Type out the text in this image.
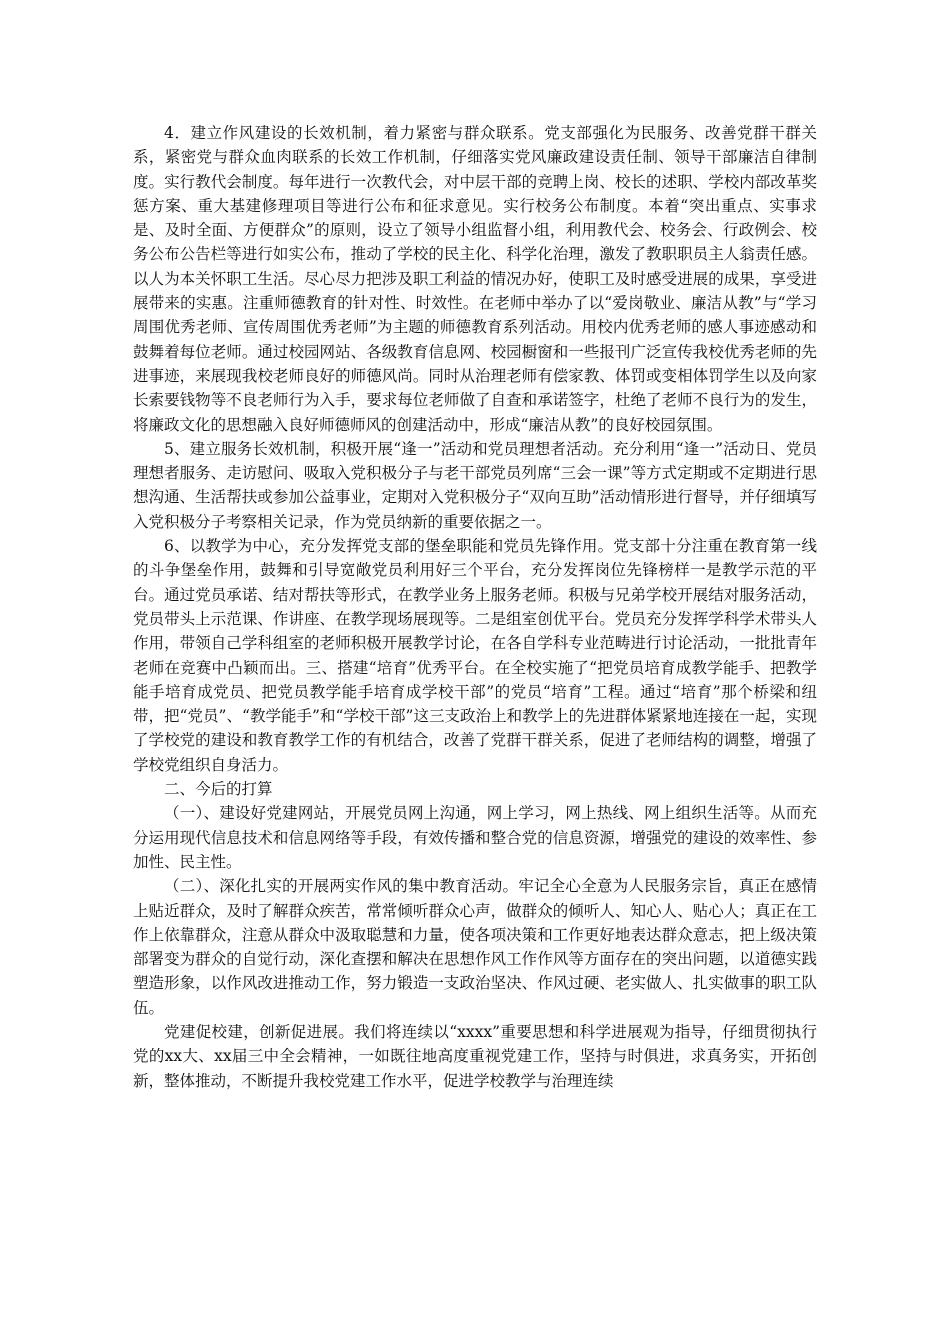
4．建立作风建设的长效机制，着力紧密与群众联系。党支部强化为民服务、改善党群干群关系，紧密党与群众血肉联系的长效工作机制，仔细落实党风廉政建设责任制、领导干部廉洁自律制度。实行教代会制度。每年进行一次教代会，对中层干部的竞聘上岗、校长的述职、学校内部改革奖惩方案、重大基建修理项目等进行公布和征求意见。实行校务公布制度。本着“突出重点、实事求是、及时全面、方便群众”的原则，设立了领导小组监督小组，利用教代会、校务会、行政例会、校务公布公告栏等进行如实公布，推动了学校的民主化、科学化治理，激发了教职职员主人翁责任感。以人为本关怀职工生活。尽心尽力把涉及职工利益的情况办好，使职工及时感受进展的成果，享受进展带来的实惠。注重师德教育的针对性、时效性。在老师中举办了以“爱岗敬业、廉洁从教”与“学习周围优秀老师、宣传周围优秀老师”为主题的师德教育系列活动。用校内优秀老师的感人事迹感动和鼓舞着每位老师。通过校园网站、各级教育信息网、校园橱窗和一些报刊广泛宣传我校优秀老师的先进事迹，来展现我校老师良好的师德风尚。同时从治理老师有偿家教、体罚或变相体罚学生以及向家长索要钱物等不良老师行为入手，要求每位老师做了自查和承诺签字，杜绝了老师不良行为的发生，将廉政文化的思想融入良好师德师风的创建活动中，形成“廉洁从教”的良好校园氛围。

5、建立服务长效机制，积极开展“逢一”活动和党员理想者活动。充分利用“逢一”活动日、党员理想者服务、走访慰问、吸取入党积极分子与老干部党员列席“三会一课”等方式定期或不定期进行思想沟通、生活帮扶或参加公益事业，定期对入党积极分子“双向互助”活动情形进行督导，并仔细填写入党积极分子考察相关记录，作为党员纳新的重要依据之一。

6、以教学为中心，充分发挥党支部的堡垒职能和党员先锋作用。党支部十分注重在教育第一线的斗争堡垒作用，鼓舞和引导宽敞党员利用好三个平台，充分发挥岗位先锋榜样一是教学示范的平台。通过党员承诺、结对帮扶等形式，在教学业务上服务老师。积极与兄弟学校开展结对服务活动，党员带头上示范课、作讲座、在教学现场展现等。二是组室创优平台。党员充分发挥学科学术带头人作用，带领自己学科组室的老师积极开展教学讨论，在各自学科专业范畴进行讨论活动，一批批青年老师在竞赛中凸颖而出。三、搭建“培育”优秀平台。在全校实施了“把党员培育成教学能手、把教学能手培育成党员、把党员教学能手培育成学校干部”的党员“培育”工程。通过“培育”那个桥梁和纽带，把“党员”、“教学能手”和“学校干部”这三支政治上和教学上的先进群体紧紧地连接在一起，实现了学校党的建设和教育教学工作的有机结合，改善了党群干群关系，促进了老师结构的调整，增强了学校党组织自身活力。

二、今后的打算

（一）、建设好党建网站，开展党员网上沟通，网上学习，网上热线、网上组织生活等。从而充分运用现代信息技术和信息网络等手段，有效传播和整合党的信息资源，增强党的建设的效率性、参加性、民主性。

（二）、深化扎实的开展两实作风的集中教育活动。牢记全心全意为人民服务宗旨，真正在感情上贴近群众，及时了解群众疾苦，常常倾听群众心声，做群众的倾听人、知心人、贴心人；真正在工作上依靠群众，注意从群众中汲取聪慧和力量，使各项决策和工作更好地表达群众意志，把上级决策部署变为群众的自觉行动，深化查摆和解决在思想作风工作作风等方面存在的突出问题，以道德实践塑造形象，以作风改进推动工作，努力锻造一支政治坚决、作风过硬、老实做人、扎实做事的职工队伍。

党建促校建，创新促进展。我们将连续以“xxxx”重要思想和科学进展观为指导，仔细贯彻执行党的xx大、xx届三中全会精神，一如既往地高度重视党建工作，坚持与时俱进，求真务实，开拓创新，整体推动，不断提升我校党建工作水平，促进学校教学与治理连续
